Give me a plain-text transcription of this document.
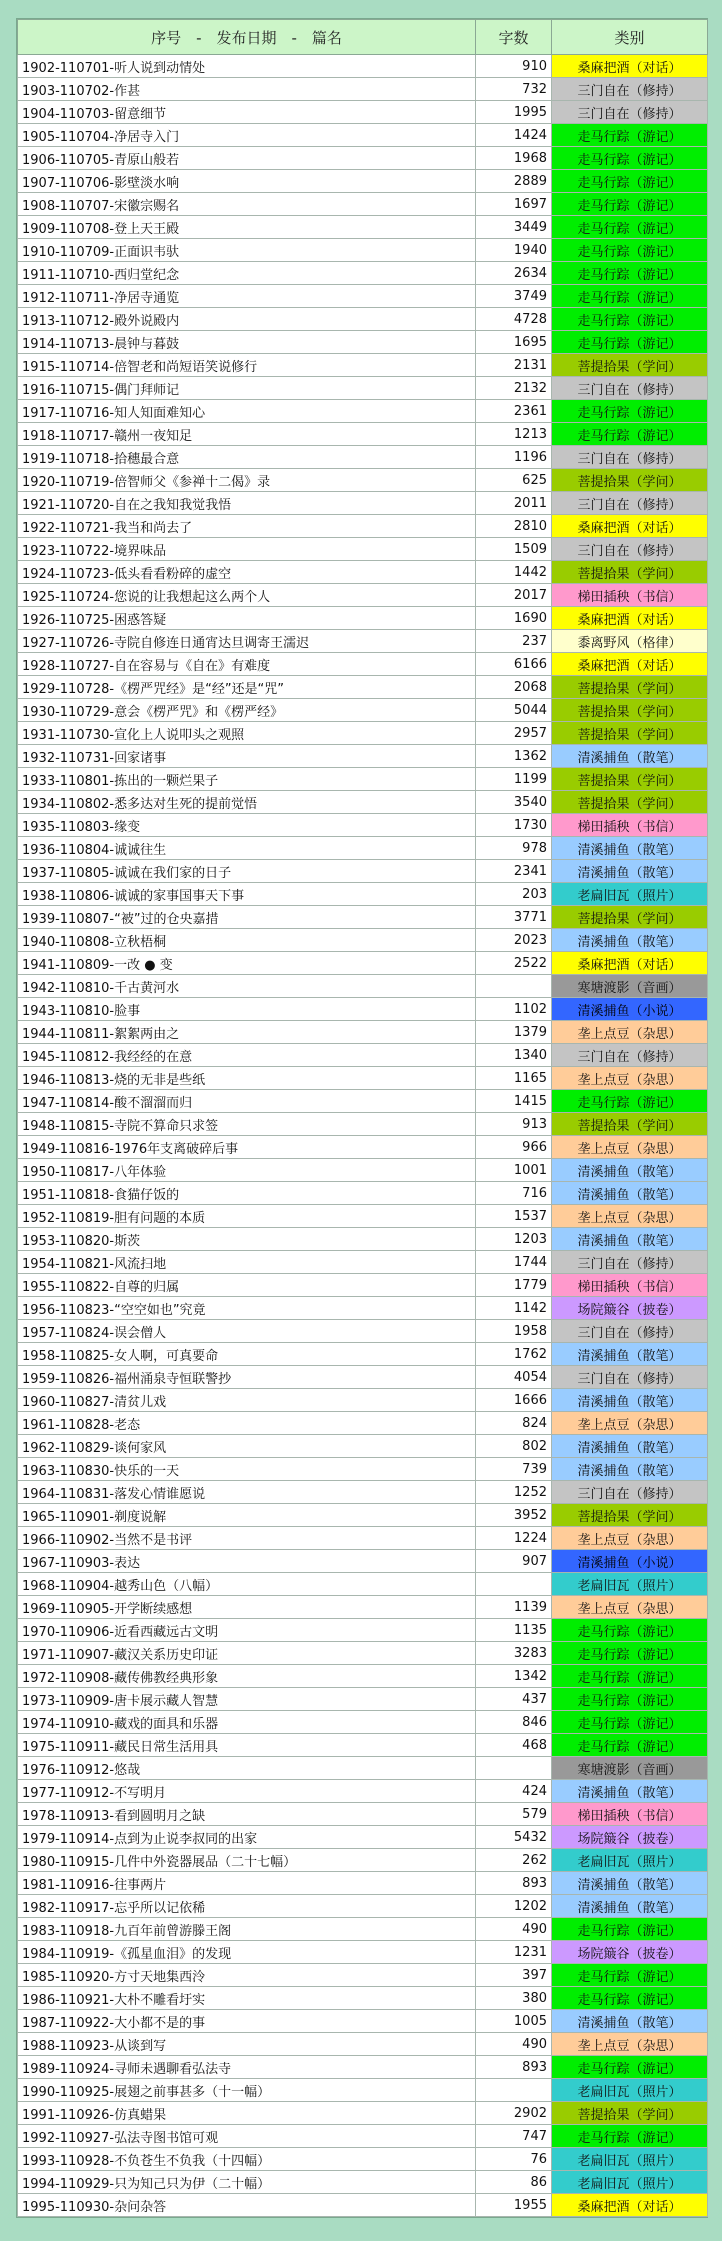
序号　-　发布日期　-　篇名	字数	类别
1902-110701-听人说到动情处	910	桑麻把酒（对话）
1903-110702-作甚	732	三门自在（修持）
1904-110703-留意细节	1995	三门自在（修持）
1905-110704-净居寺入门	1424	走马行踪（游记）
1906-110705-青原山般若	1968	走马行踪（游记）
1907-110706-影壁淡水响	2889	走马行踪（游记）
1908-110707-宋徽宗赐名	1697	走马行踪（游记）
1909-110708-登上天王殿	3449	走马行踪（游记）
1910-110709-正面识韦驮	1940	走马行踪（游记）
1911-110710-西归堂纪念	2634	走马行踪（游记）
1912-110711-净居寺通览	3749	走马行踪（游记）
1913-110712-殿外说殿内	4728	走马行踪（游记）
1914-110713-晨钟与暮鼓	1695	走马行踪（游记）
1915-110714-倍智老和尚短语笑说修行	2131	菩提拾果（学问）
1916-110715-偶门拜师记	2132	三门自在（修持）
1917-110716-知人知面难知心	2361	走马行踪（游记）
1918-110717-赣州一夜知足	1213	走马行踪（游记）
1919-110718-拾穗最合意	1196	三门自在（修持）
1920-110719-倍智师父《参禅十二偈》录	625	菩提拾果（学问）
1921-110720-自在之我知我觉我悟	2011	三门自在（修持）
1922-110721-我当和尚去了	2810	桑麻把酒（对话）
1923-110722-境界味品	1509	三门自在（修持）
1924-110723-低头看看粉碎的虚空	1442	菩提拾果（学问）
1925-110724-您说的让我想起这么两个人	2017	梯田插秧（书信）
1926-110725-困惑答疑	1690	桑麻把酒（对话）
1927-110726-寺院自修连日通宵达旦调寄王濡迟	237	黍离野风（格律）
1928-110727-自在容易与《自在》有难度	6166	桑麻把酒（对话）
1929-110728-《楞严咒经》是“经”还是“咒”	2068	菩提拾果（学问）
1930-110729-意会《楞严咒》和《楞严经》	5044	菩提拾果（学问）
1931-110730-宣化上人说叩头之观照	2957	菩提拾果（学问）
1932-110731-回家诸事	1362	清溪捕鱼（散笔）
1933-110801-拣出的一颗烂果子	1199	菩提拾果（学问）
1934-110802-悉多达对生死的提前觉悟	3540	菩提拾果（学问）
1935-110803-缘变	1730	梯田插秧（书信）
1936-110804-诚诚往生	978	清溪捕鱼（散笔）
1937-110805-诚诚在我们家的日子	2341	清溪捕鱼（散笔）
1938-110806-诚诚的家事国事天下事	203	老扁旧瓦（照片）
1939-110807-“被”过的仓央嘉措	3771	菩提拾果（学问）
1940-110808-立秋梧桐	2023	清溪捕鱼（散笔）
1941-110809-一改 ● 变	2522	桑麻把酒（对话）
1942-110810-千古黄河水		寒塘渡影（音画）
1943-110810-脸事	1102	清溪捕鱼（小说）
1944-110811-絮絮两由之	1379	垄上点豆（杂思）
1945-110812-我经经的在意	1340	三门自在（修持）
1946-110813-烧的无非是些纸	1165	垄上点豆（杂思）
1947-110814-酸不溜溜而归	1415	走马行踪（游记）
1948-110815-寺院不算命只求签	913	菩提拾果（学问）
1949-110816-1976年支离破碎后事	966	垄上点豆（杂思）
1950-110817-八年体验	1001	清溪捕鱼（散笔）
1951-110818-食猫仔饭的	716	清溪捕鱼（散笔）
1952-110819-胆有问题的本质	1537	垄上点豆（杂思）
1953-110820-斯茨	1203	清溪捕鱼（散笔）
1954-110821-风流扫地	1744	三门自在（修持）
1955-110822-自尊的归属	1779	梯田插秧（书信）
1956-110823-“空空如也”究竟	1142	场院簸谷（披卷）
1957-110824-误会僧人	1958	三门自在（修持）
1958-110825-女人啊，可真要命	1762	清溪捕鱼（散笔）
1959-110826-福州涌泉寺恒联警抄	4054	三门自在（修持）
1960-110827-清贫儿戏	1666	清溪捕鱼（散笔）
1961-110828-老态	824	垄上点豆（杂思）
1962-110829-谈何家风	802	清溪捕鱼（散笔）
1963-110830-快乐的一天	739	清溪捕鱼（散笔）
1964-110831-落发心情谁愿说	1252	三门自在（修持）
1965-110901-剃度说解	3952	菩提拾果（学问）
1966-110902-当然不是书评	1224	垄上点豆（杂思）
1967-110903-表达	907	清溪捕鱼（小说）
1968-110904-越秀山色（八幅）		老扁旧瓦（照片）
1969-110905-开学断续感想	1139	垄上点豆（杂思）
1970-110906-近看西藏远古文明	1135	走马行踪（游记）
1971-110907-藏汉关系历史印证	3283	走马行踪（游记）
1972-110908-藏传佛教经典形象	1342	走马行踪（游记）
1973-110909-唐卡展示藏人智慧	437	走马行踪（游记）
1974-110910-藏戏的面具和乐器	846	走马行踪（游记）
1975-110911-藏民日常生活用具	468	走马行踪（游记）
1976-110912-悠哉		寒塘渡影（音画）
1977-110912-不写明月	424	清溪捕鱼（散笔）
1978-110913-看到圆明月之缺	579	梯田插秧（书信）
1979-110914-点到为止说李叔同的出家	5432	场院簸谷（披卷）
1980-110915-几件中外瓷器展品（二十七幅）	262	老扁旧瓦（照片）
1981-110916-往事两片	893	清溪捕鱼（散笔）
1982-110917-忘乎所以记依稀	1202	清溪捕鱼（散笔）
1983-110918-九百年前曾游滕王阁	490	走马行踪（游记）
1984-110919-《孤星血泪》的发现	1231	场院簸谷（披卷）
1985-110920-方寸天地集西泠	397	走马行踪（游记）
1986-110921-大朴不雕看圩实	380	走马行踪（游记）
1987-110922-大小都不是的事	1005	清溪捕鱼（散笔）
1988-110923-从谈到写	490	垄上点豆（杂思）
1989-110924-寻师未遇聊看弘法寺	893	走马行踪（游记）
1990-110925-展翅之前事甚多（十一幅）		老扁旧瓦（照片）
1991-110926-仿真蜡果	2902	菩提拾果（学问）
1992-110927-弘法寺图书馆可观	747	走马行踪（游记）
1993-110928-不负苍生不负我（十四幅）	76	老扁旧瓦（照片）
1994-110929-只为知己只为伊（二十幅）	86	老扁旧瓦（照片）
1995-110930-杂问杂答	1955	桑麻把酒（对话）
